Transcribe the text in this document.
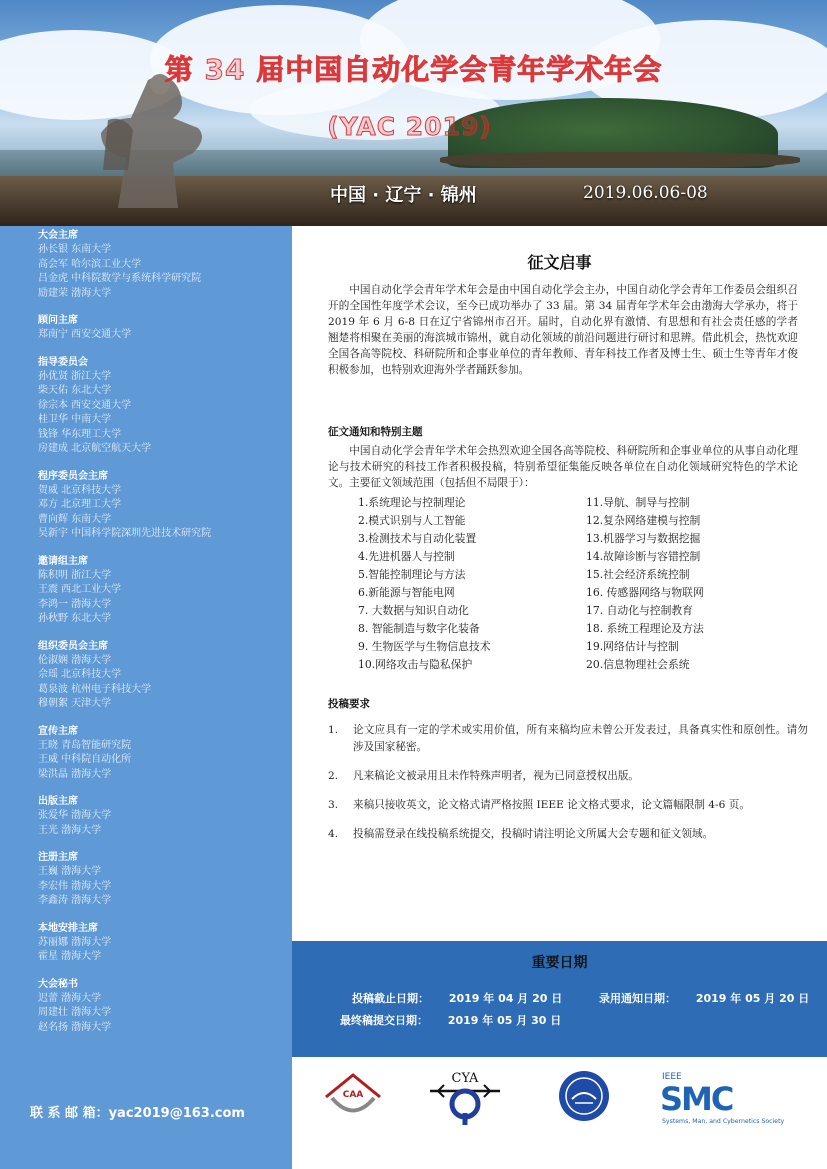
第 34 届中国自动化学会青年学术年会
(YAC 2019)
中国 · 辽宁 · 锦州	2019.06.06-08
大会主席
孙长银 东南大学
高会军 哈尔滨工业大学
吕金虎 中科院数学与系统科学研究院
励建荣 渤海大学
顾问主席
郑南宁 西安交通大学
指导委员会
孙优贤 浙江大学
柴天佑 东北大学
徐宗本 西安交通大学
桂卫华 中南大学
钱锋 华东理工大学
房建成 北京航空航天大学
程序委员会主席
贺威 北京科技大学
邓方 北京理工大学
曹向辉 东南大学
吴新宇 中国科学院深圳先进技术研究院
邀请组主席
陈积明 浙江大学
王震 西北工业大学
李鸿一 渤海大学
孙秋野 东北大学
组织委员会主席
伦淑娴 渤海大学
佘瑶 北京科技大学
葛泉波 杭州电子科技大学
穆朝絮 天津大学
宣传主席
王晓 青岛智能研究院
王威 中科院自动化所
梁洪晶 渤海大学
出版主席
张爱华 渤海大学
王光 渤海大学
注册主席
王巍 渤海大学
李宏伟 渤海大学
李鑫涛 渤海大学
本地安排主席
苏丽娜 渤海大学
霍星 渤海大学
大会秘书
迟蕾 渤海大学
周建壮 渤海大学
赵名扬 渤海大学
联 系 邮 箱：yac2019@163.com
征文启事
中国自动化学会青年学术年会是由中国自动化学会主办，中国自动化学会青年工作委员会组织召开的全国性年度学术会议，至今已成功举办了 33 届。第 34 届青年学术年会由渤海大学承办，将于 2019 年 6 月 6-8 日在辽宁省锦州市召开。届时，自动化界有激情、有思想和有社会责任感的学者翘楚将相聚在美丽的海滨城市锦州，就自动化领域的前沿问题进行研讨和思辨。借此机会，热忱欢迎全国各高等院校、科研院所和企事业单位的青年教师、青年科技工作者及博士生、硕士生等青年才俊积极参加，也特别欢迎海外学者踊跃参加。
征文通知和特别主题
中国自动化学会青年学术年会热烈欢迎全国各高等院校、科研院所和企事业单位的从事自动化理论与技术研究的科技工作者积极投稿，特别希望征集能反映各单位在自动化领域研究特色的学术论文。主要征文领域范围（包括但不局限于）：
1.系统理论与控制理论	11.导航、制导与控制
2.模式识别与人工智能	12.复杂网络建模与控制
3.检测技术与自动化装置	13.机器学习与数据挖掘
4.先进机器人与控制	14.故障诊断与容错控制
5.智能控制理论与方法	15.社会经济系统控制
6.新能源与智能电网	16. 传感器网络与物联网
7. 大数据与知识自动化	17. 自动化与控制教育
8. 智能制造与数字化装备	18. 系统工程理论及方法
9. 生物医学与生物信息技术	19.网络估计与控制
10.网络攻击与隐私保护	20.信息物理社会系统
投稿要求
1.	论文应具有一定的学术或实用价值，所有来稿均应未曾公开发表过，具备真实性和原创性。请勿涉及国家秘密。
2.	凡来稿论文被录用且未作特殊声明者，视为已同意授权出版。
3.	来稿只接收英文，论文格式请严格按照 IEEE 论文格式要求，论文篇幅限制 4-6 页。
4.	投稿需登录在线投稿系统提交，投稿时请注明论文所属大会专题和征文领域。
重要日期
投稿截止日期： 2019 年 04 月 20 日	录用通知日期： 2019 年 05 月 20 日
最终稿提交日期： 2019 年 05 月 30 日
CAA
CYA	IEEE
SMC
Systems, Man, and Cybernetics Society
